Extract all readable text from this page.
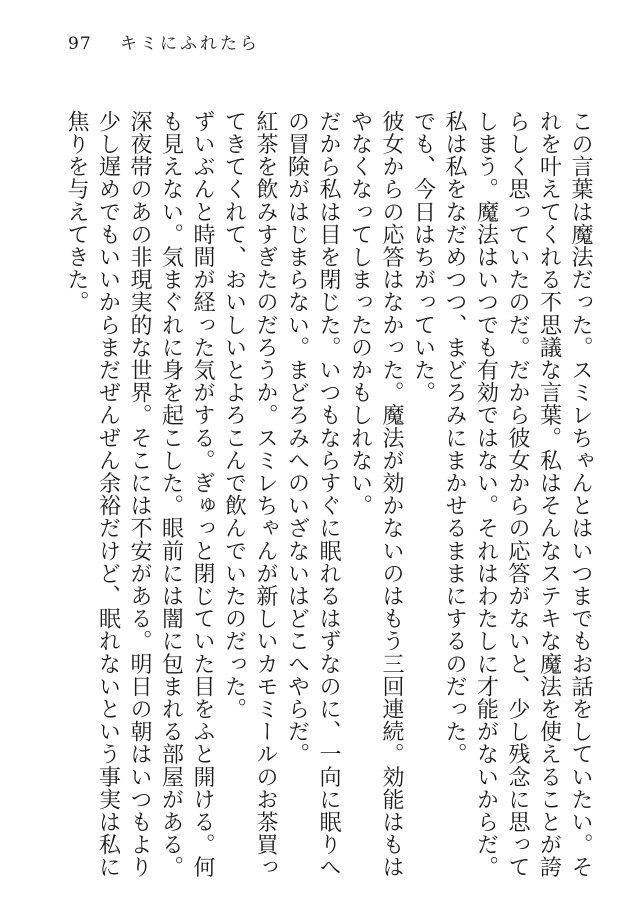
97 キミにふれたら

この言葉は魔法だった。スミレちゃんとはいつまでもお話をしていたい。それを叶えてくれる不思議な言葉。私はそんなステキな魔法を使えることが誇らしく思っていたのだ。だから彼女からの応答がないと、少し残念に思ってしまう。魔法はいつでも有効ではない。それはわたしに才能がないからだ。私は私をなだめつつ、まどろみにまかせるままにするのだった。

でも、今日はちがっていた。

彼女からの応答はなかった。魔法が効かないのはもう三回連続。効能はもはやなくなってしまったのかもしれない。

だから私は目を閉じた。いつもならすぐに眠れるはずなのに、一向に眠りへの冒険がはじまらない。まどろみへのいざないはどこへやらだ。

紅茶を飲みすぎたのだろうか。スミレちゃんが新しいカモミールのお茶買ってきてくれて、おいしいとよろこんで飲んでいたのだった。

ずいぶんと時間が経った気がする。ぎゅっと閉じていた目をふと開ける。何も見えない。気まぐれに身を起こした。眼前には闇に包まれる部屋がある。

深夜帯のあの非現実的な世界。そこには不安がある。明日の朝はいつもより少し遅めでもいいからまだぜんぜん余裕だけど、眠れないという事実は私に焦りを与えてきた。
